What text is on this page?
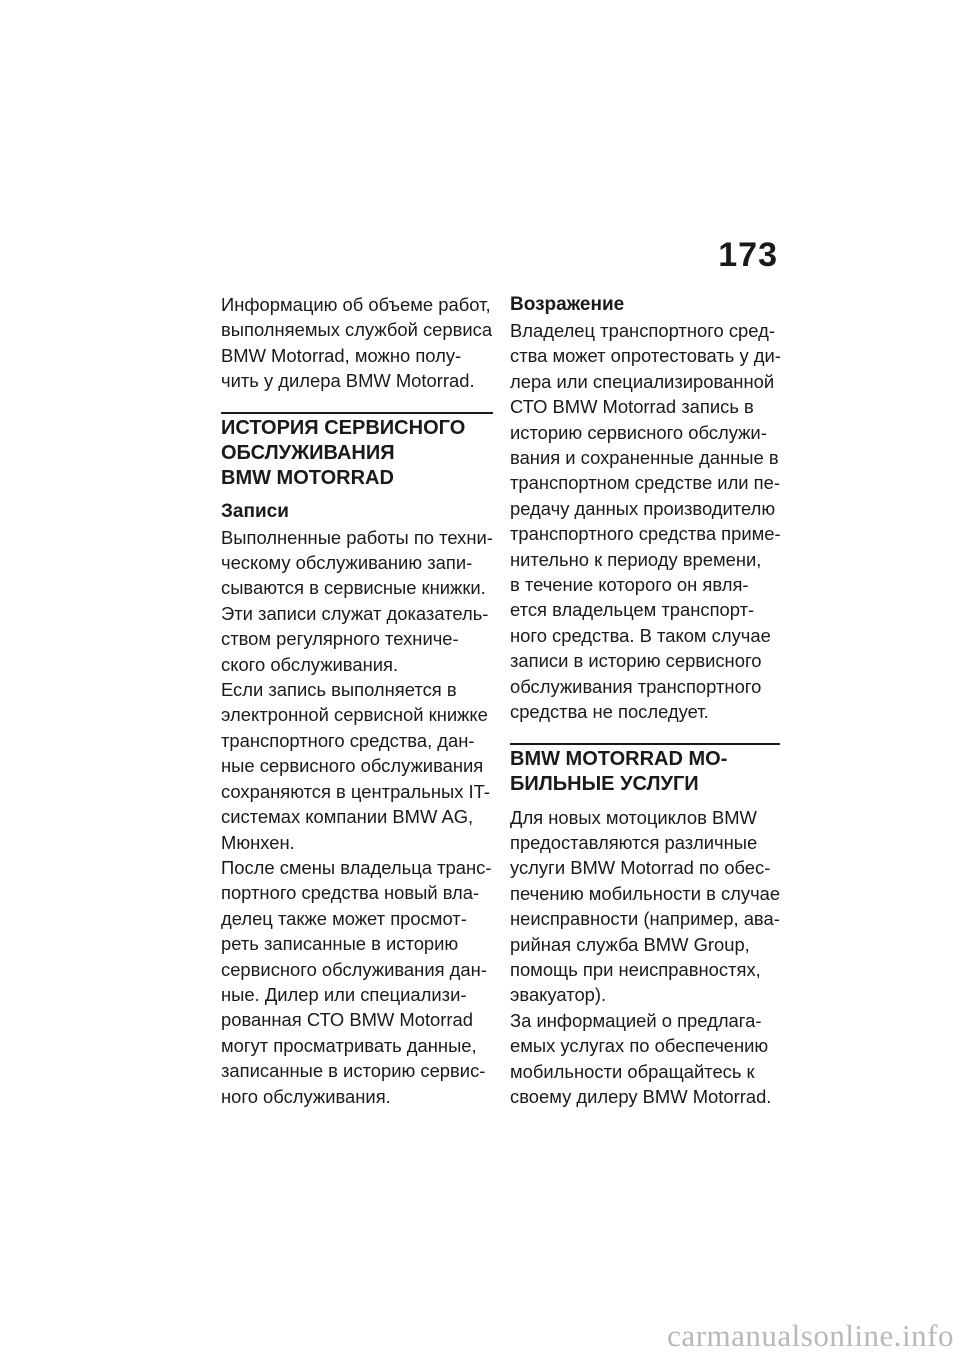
173

Информацию об объеме работ,
выполняемых службой сервиса
BMW Motorrad, можно полу-
чить у дилера BMW Motorrad.

ИСТОРИЯ СЕРВИСНОГО
ОБСЛУЖИВАНИЯ
BMW MOTORRAD
Записи

Выполненные работы по техни-
ческому обслуживанию запи-
сываются в сервисные книжки.
Эти записи служат доказатель-
ством регулярного техниче-
ского обслуживания.

Если запись выполняется в
электронной сервисной книжке
транспортного средства, дан-
ные сервисного обслуживания
сохраняются в центральных IT-
системах компании BMW AG,
Мюнхен.

После смены владельца транс-
портного средства новый вла-
делец также может просмот-
реть записанные в историю
сервисного обслуживания дан-
ные. Дилер или специализи-
рованная СТО BMW Motorrad
могут просматривать данные,
записанные в историю сервис-
ного обслуживания.

Возражение

Владелец транспортного сред-
ства может опротестовать у ди-
лера или специализированной
СТО BMW Motorrad запись в
историю сервисного обслужи-
вания и сохраненные данные в
транспортном средстве или пе-
редачу данных производителю
транспортного средства приме-
нительно к периоду времени,
в течение которого он явля-
ется владельцем транспорт-
ного средства. В таком случае
записи в историю сервисного
обслуживания транспортного
средства не последует.

BMW MOTORRAD МО-
БИЛЬНЫЕ УСЛУГИ

Для новых мотоциклов BMW
предоставляются различные
услуги BMW Motorrad по обес-
печению мобильности в случае
неисправности (например, ава-
рийная служба BMW Group,
помощь при неисправностях,
эвакуатор).

За информацией о предлага-
емых услугах по обеспечению
мобильности обращайтесь к
своему дилеру BMW Motorrad.

carmanualsonline.info
